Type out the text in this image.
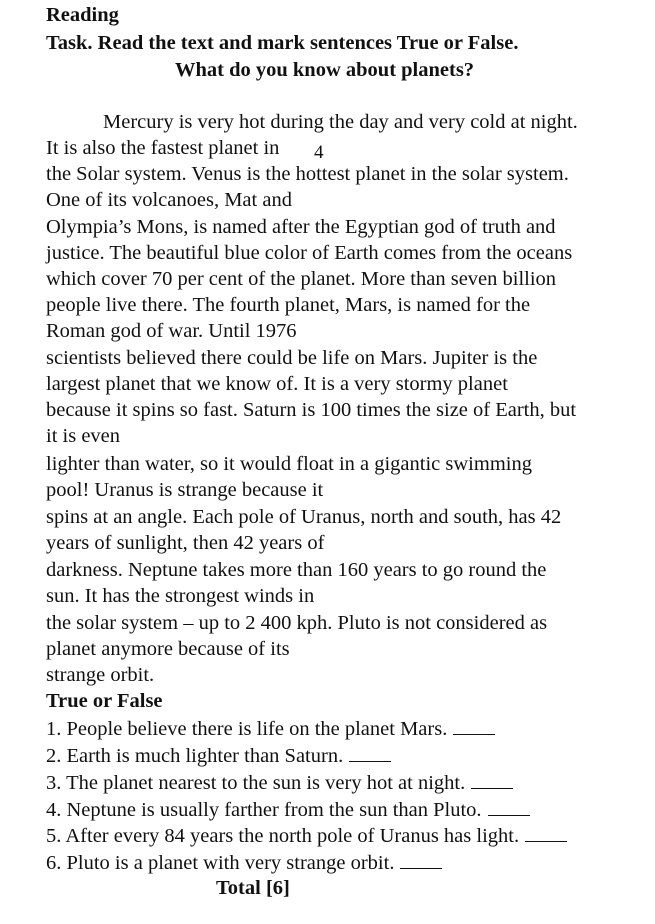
Reading

Task. Read the text and mark sentences True or False.

What do you know about planets?

Mercury is very hot during the day and very cold at night.

It is also the fastest planet in 4

the Solar system. Venus is the hottest planet in the solar system.

One of its volcanoes, Mat and

Olympia’s Mons, is named after the Egyptian god of truth and

justice. The beautiful blue color of Earth comes from the oceans

which cover 70 per cent of the planet. More than seven billion

people live there. The fourth planet, Mars, is named for the

Roman god of war. Until 1976

scientists believed there could be life on Mars. Jupiter is the

largest planet that we know of. It is a very stormy planet

because it spins so fast. Saturn is 100 times the size of Earth, but

it is even

lighter than water, so it would float in a gigantic swimming

pool! Uranus is strange because it

spins at an angle. Each pole of Uranus, north and south, has 42

years of sunlight, then 42 years of

darkness. Neptune takes more than 160 years to go round the

sun. It has the strongest winds in

the solar system – up to 2 400 kph. Pluto is not considered as

planet anymore because of its

strange orbit.

True or False

1. People believe there is life on the planet Mars.
2. Earth is much lighter than Saturn.
3. The planet nearest to the sun is very hot at night.
4. Neptune is usually farther from the sun than Pluto.
5. After every 84 years the north pole of Uranus has light.
6. Pluto is a planet with very strange orbit.

Total [6]
